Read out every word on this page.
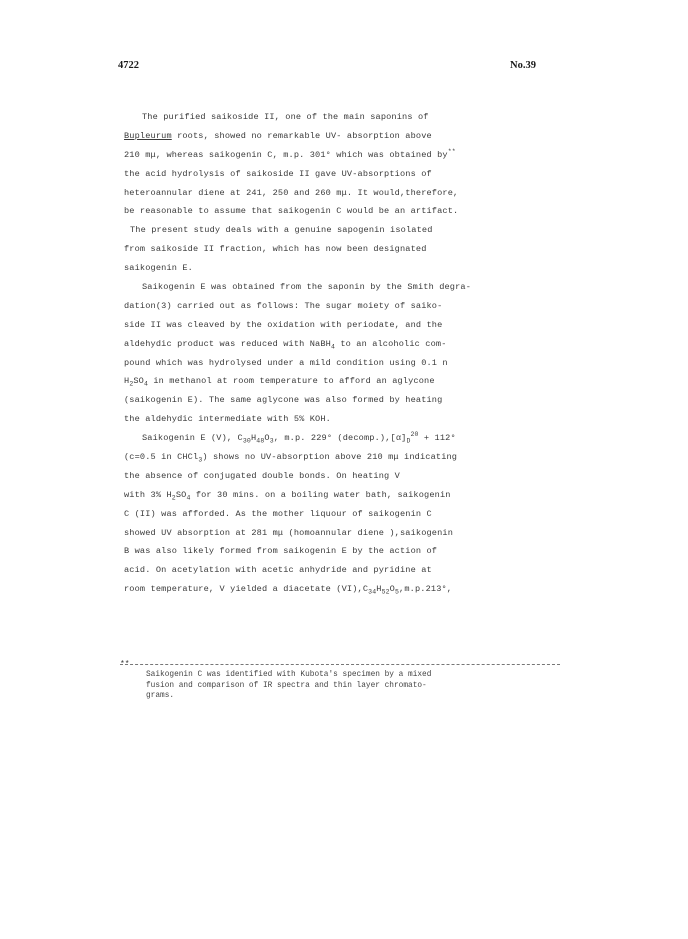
4722	No.39
The purified saikoside II, one of the main saponins of
Bupleurum roots, showed no remarkable UV- absorption above
210 mμ, whereas saikogenin C, m.p. 301° which was obtained by**
the acid hydrolysis of saikoside II gave UV-absorptions of
heteroannular diene at 241, 250 and 260 mμ. It would,therefore,
be reasonable to assume that saikogenin C would be an artifact.
The present study deals with a genuine sapogenin isolated
from saikoside II fraction, which has now been designated
saikogenin E.
Saikogenin E was obtained from the saponin by the Smith degra-
dation(3) carried out as follows: The sugar moiety of saiko-
side II was cleaved by the oxidation with periodate, and the
aldehydic product was reduced with NaBH$_4$ to an alcoholic com-
pound which was hydrolysed under a mild condition using 0.1 n
$H_2SO_4$ in methanol at room temperature to afford an aglycone
(saikogenin E). The same aglycone was also formed by heating
the aldehydic intermediate with 5% KOH.
Saikogenin E (V), $C_{30}H_{48}O_3$, m.p. 229° $(decomp.),[\alpha]_D^{20} + 112^\circ$
(c=0.5 in CHCl$_3$) shows no UV-absorption above 210 mμ indicating
the absence of conjugated double bonds. On heating V
with 3% $H_2SO_4$ for 30 mins. on a boiling water bath, saikogenin
C (II) was afforded. As the mother liquour of saikogenin C
showed UV absorption at 281 mμ (homoannular diene ),saikogenin
B was also likely formed from saikogenin E by the action of
acid. On acetylation with acetic anhydride and pyridine at
room temperature, V yielded a diacetate $(VI),C_{34}H_{52}O_5,m.p.213^\circ$,
**
Saikogenin C was identified with Kubota's specimen by a mixed
fusion and comparison of IR spectra and thin layer chromato-
grams.
